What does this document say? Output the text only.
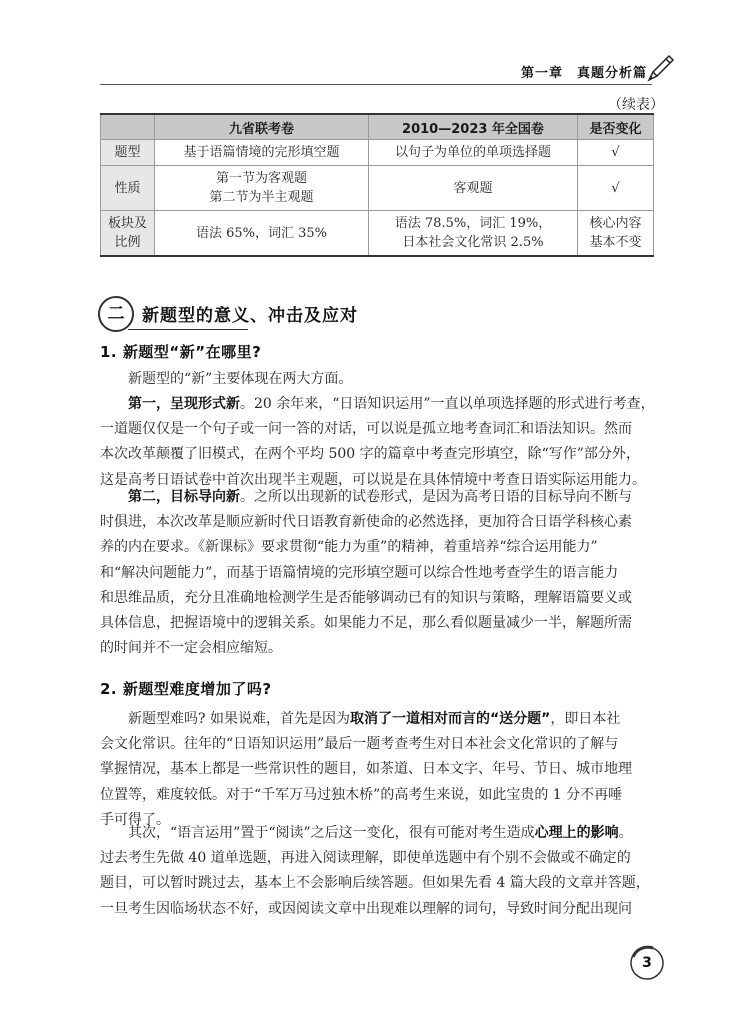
第一章　真题分析篇
（续表）
	九省联考卷	2010—2023 年全国卷	是否变化

题型	基于语篇情境的完形填空题	以句子为单位的单项选择题	√

性质	第一节为客观题
第二节为半主观题	客观题	√

板块及
比例	语法 65%，词汇 35%	语法 78.5%，词汇 19%，
日本社会文化常识 2.5%	核心内容
基本不变
二	新题型的意义、冲击及应对
1. 新题型“新”在哪里?
新题型的“新”主要体现在两大方面。
第一，呈现形式新。20 余年来，“日语知识运用”一直以单项选择题的形式进行考查，
一道题仅仅是一个句子或一问一答的对话，可以说是孤立地考查词汇和语法知识。然而
本次改革颠覆了旧模式，在两个平均 500 字的篇章中考查完形填空，除“写作”部分外，
这是高考日语试卷中首次出现半主观题，可以说是在具体情境中考查日语实际运用能力。
第二，目标导向新。之所以出现新的试卷形式，是因为高考日语的目标导向不断与
时俱进，本次改革是顺应新时代日语教育新使命的必然选择，更加符合日语学科核心素
养的内在要求。《新课标》要求贯彻“能力为重”的精神，着重培养“综合运用能力”
和“解决问题能力”，而基于语篇情境的完形填空题可以综合性地考查学生的语言能力
和思维品质，充分且准确地检测学生是否能够调动已有的知识与策略，理解语篇要义或
具体信息，把握语境中的逻辑关系。如果能力不足，那么看似题量减少一半，解题所需
的时间并不一定会相应缩短。
2. 新题型难度增加了吗?
新题型难吗? 如果说难，首先是因为取消了一道相对而言的“送分题”，即日本社
会文化常识。往年的“日语知识运用”最后一题考查考生对日本社会文化常识的了解与
掌握情况，基本上都是一些常识性的题目，如茶道、日本文字、年号、节日、城市地理
位置等，难度较低。对于“千军万马过独木桥”的高考生来说，如此宝贵的 1 分不再唾
手可得了。
其次，“语言运用”置于“阅读”之后这一变化，很有可能对考生造成心理上的影响。
过去考生先做 40 道单选题，再进入阅读理解，即使单选题中有个别不会做或不确定的
题目，可以暂时跳过去，基本上不会影响后续答题。但如果先看 4 篇大段的文章并答题，
一旦考生因临场状态不好，或因阅读文章中出现难以理解的词句，导致时间分配出现问
3
